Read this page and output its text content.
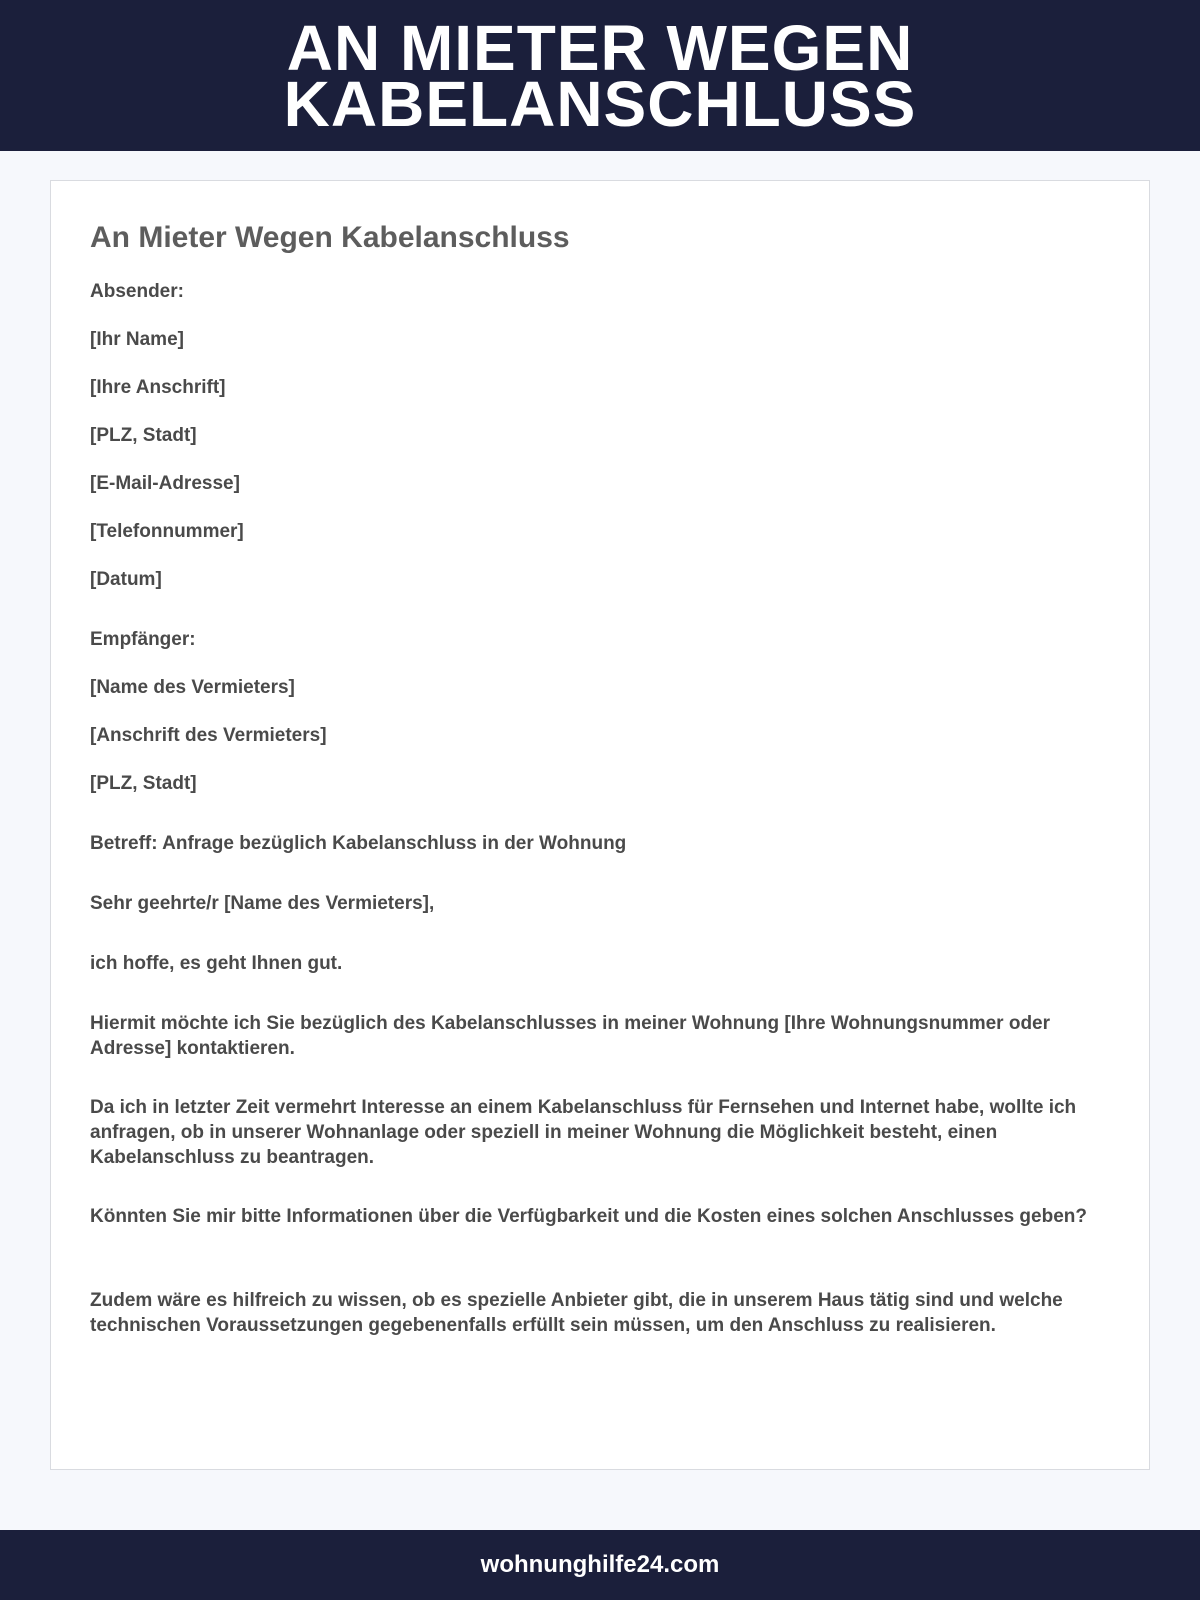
AN MIETER WEGEN
KABELANSCHLUSS
An Mieter Wegen Kabelanschluss
Absender:
[Ihr Name]
[Ihre Anschrift]
[PLZ, Stadt]
[E-Mail-Adresse]
[Telefonnummer]
[Datum]
Empfänger:
[Name des Vermieters]
[Anschrift des Vermieters]
[PLZ, Stadt]
Betreff: Anfrage bezüglich Kabelanschluss in der Wohnung
Sehr geehrte/r [Name des Vermieters],
ich hoffe, es geht Ihnen gut.
Hiermit möchte ich Sie bezüglich des Kabelanschlusses in meiner Wohnung [Ihre Wohnungsnummer oder Adresse] kontaktieren.
Da ich in letzter Zeit vermehrt Interesse an einem Kabelanschluss für Fernsehen und Internet habe, wollte ich anfragen, ob in unserer Wohnanlage oder speziell in meiner Wohnung die Möglichkeit besteht, einen Kabelanschluss zu beantragen.
Könnten Sie mir bitte Informationen über die Verfügbarkeit und die Kosten eines solchen Anschlusses geben?
Zudem wäre es hilfreich zu wissen, ob es spezielle Anbieter gibt, die in unserem Haus tätig sind und welche technischen Voraussetzungen gegebenenfalls erfüllt sein müssen, um den Anschluss zu realisieren.
wohnunghilfe24.com
